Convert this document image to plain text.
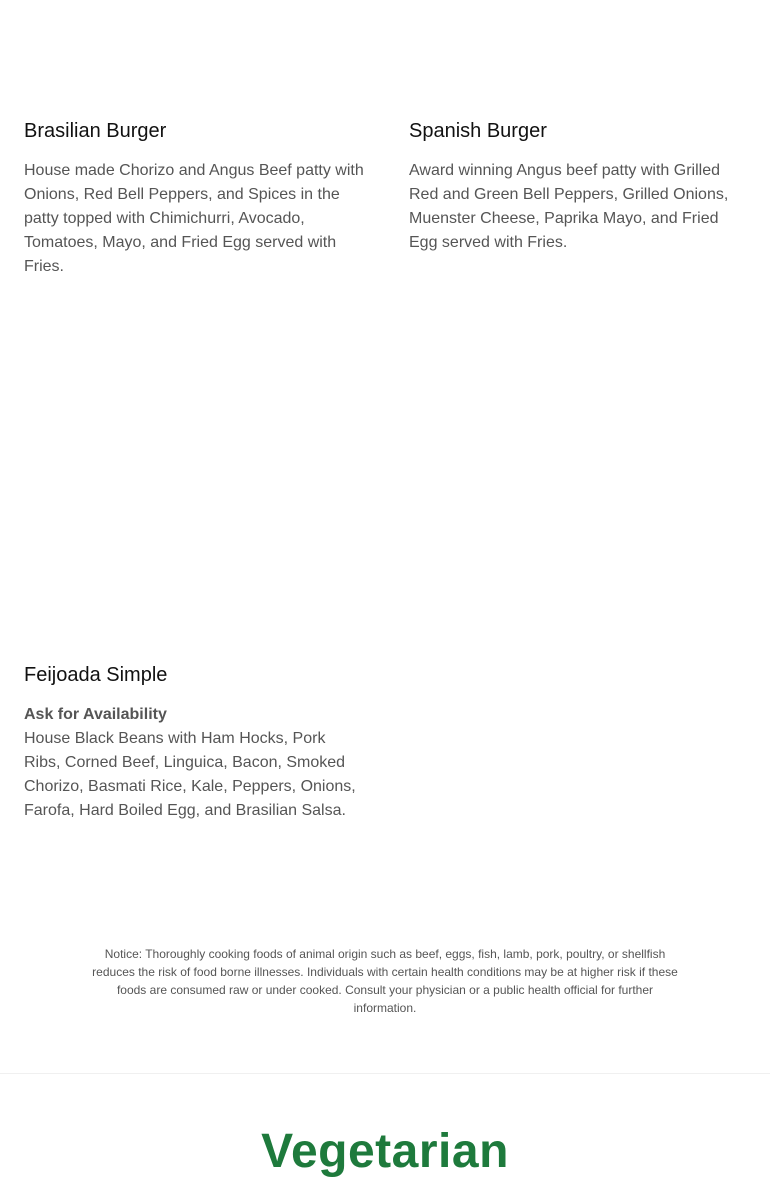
Brasilian Burger

House made Chorizo and Angus Beef patty with Onions, Red Bell Peppers, and Spices in the patty topped with Chimichurri, Avocado, Tomatoes, Mayo, and Fried Egg served with Fries.

Spanish Burger

Award winning Angus beef patty with Grilled Red and Green Bell Peppers, Grilled Onions, Muenster Cheese, Paprika Mayo, and Fried Egg served with Fries.

Feijoada Simple

Ask for Availability

House Black Beans with Ham Hocks, Pork Ribs, Corned Beef, Linguica, Bacon, Smoked Chorizo, Basmati Rice, Kale, Peppers, Onions, Farofa, Hard Boiled Egg, and Brasilian Salsa.

Notice: Thoroughly cooking foods of animal origin such as beef, eggs, fish, lamb, pork, poultry, or shellfish reduces the risk of food borne illnesses. Individuals with certain health conditions may be at higher risk if these foods are consumed raw or under cooked. Consult your physician or a public health official for further information.

Vegetarian
